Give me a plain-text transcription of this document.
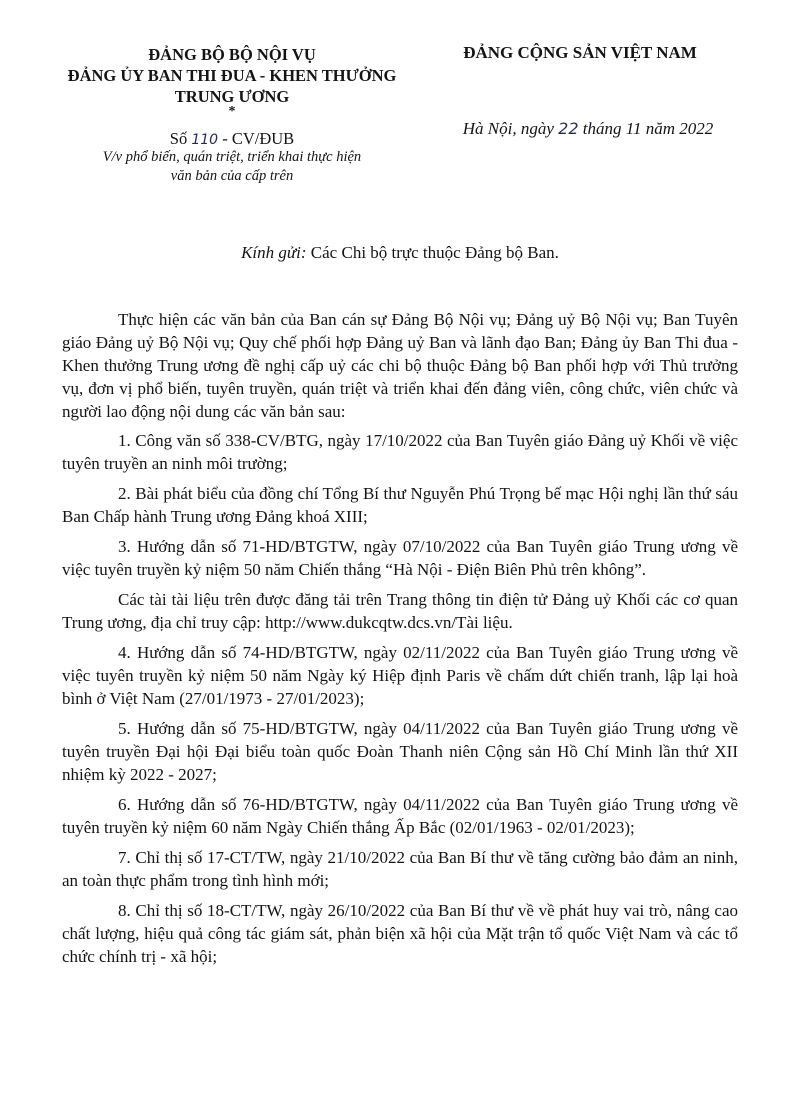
ĐẢNG BỘ BỘ NỘI VỤ
ĐẢNG ỦY BAN THI ĐUA - KHEN THƯỞNG
TRUNG ƯƠNG
*
ĐẢNG CỘNG SẢN VIỆT NAM
Số 110 - CV/ĐUB
V/v phổ biến, quán triệt, triển khai thực hiện
văn bản của cấp trên
Hà Nội, ngày 22 tháng 11 năm 2022
Kính gửi: Các Chi bộ trực thuộc Đảng bộ Ban.

Thực hiện các văn bản của Ban cán sự Đảng Bộ Nội vụ; Đảng uỷ Bộ Nội vụ; Ban Tuyên giáo Đảng uỷ Bộ Nội vụ; Quy chế phối hợp Đảng uỷ Ban và lãnh đạo Ban; Đảng ủy Ban Thi đua - Khen thưởng Trung ương đề nghị cấp uỷ các chi bộ thuộc Đảng bộ Ban phối hợp với Thủ trưởng vụ, đơn vị phổ biến, tuyên truyền, quán triệt và triển khai đến đảng viên, công chức, viên chức và người lao động nội dung các văn bản sau:

1. Công văn số 338-CV/BTG, ngày 17/10/2022 của Ban Tuyên giáo Đảng uỷ Khối về việc tuyên truyền an ninh môi trường;

2. Bài phát biểu của đồng chí Tổng Bí thư Nguyễn Phú Trọng bế mạc Hội nghị lần thứ sáu Ban Chấp hành Trung ương Đảng khoá XIII;

3. Hướng dẫn số 71-HD/BTGTW, ngày 07/10/2022 của Ban Tuyên giáo Trung ương về việc tuyên truyền kỷ niệm 50 năm Chiến thắng “Hà Nội - Điện Biên Phủ trên không”.

Các tài tài liệu trên được đăng tải trên Trang thông tin điện tử Đảng uỷ Khối các cơ quan Trung ương, địa chỉ truy cập: http://www.dukcqtw.dcs.vn/Tài liệu.

4. Hướng dẫn số 74-HD/BTGTW, ngày 02/11/2022 của Ban Tuyên giáo Trung ương về việc tuyên truyền kỷ niệm 50 năm Ngày ký Hiệp định Paris về chấm dứt chiến tranh, lập lại hoà bình ở Việt Nam (27/01/1973 - 27/01/2023);

5. Hướng dẫn số 75-HD/BTGTW, ngày 04/11/2022 của Ban Tuyên giáo Trung ương về tuyên truyền Đại hội Đại biểu toàn quốc Đoàn Thanh niên Cộng sản Hồ Chí Minh lần thứ XII nhiệm kỳ 2022 - 2027;

6. Hướng dẫn số 76-HD/BTGTW, ngày 04/11/2022 của Ban Tuyên giáo Trung ương về tuyên truyền kỷ niệm 60 năm Ngày Chiến thắng Ấp Bắc (02/01/1963 - 02/01/2023);

7. Chỉ thị số 17-CT/TW, ngày 21/10/2022 của Ban Bí thư về tăng cường bảo đảm an ninh, an toàn thực phẩm trong tình hình mới;

8. Chỉ thị số 18-CT/TW, ngày 26/10/2022 của Ban Bí thư về về phát huy vai trò, nâng cao chất lượng, hiệu quả công tác giám sát, phản biện xã hội của Mặt trận tổ quốc Việt Nam và các tổ chức chính trị - xã hội;
